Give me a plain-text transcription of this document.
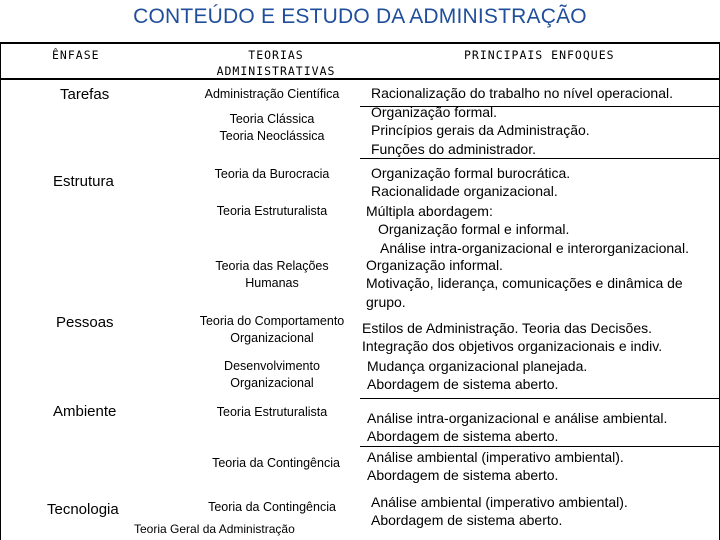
CONTEÚDO E ESTUDO DA ADMINISTRAÇÃO
ÊNFASE	TEORIAS
ADMINISTRATIVAS
PRINCIPAIS ENFOQUES
Tarefas
Estrutura
Pessoas
Ambiente
Tecnologia
Administração Científica
Teoria Clássica
Teoria Neoclássica
Teoria da Burocracia
Teoria Estruturalista
Teoria das Relações
Humanas
Teoria do Comportamento
Organizacional
Desenvolvimento
Organizacional
Teoria Estruturalista
Teoria da Contingência
Teoria da Contingência
Racionalização do trabalho no nível operacional.
Organização formal.
Princípios gerais da Administração.
Funções do administrador.
Organização formal burocrática.
Racionalidade organizacional.
Múltipla abordagem:
Organização formal e informal.
Análise intra-organizacional e interorganizacional.
Organização informal.
Motivação, liderança, comunicações e dinâmica de
grupo.
Estilos de Administração. Teoria das Decisões.
Integração dos objetivos organizacionais e indiv.
Mudança organizacional planejada.
Abordagem de sistema aberto.
Análise intra-organizacional e análise ambiental.
Abordagem de sistema aberto.
Análise ambiental (imperativo ambiental).
Abordagem de sistema aberto.
Análise ambiental (imperativo ambiental).
Abordagem de sistema aberto.
Teoria Geral da Administração
